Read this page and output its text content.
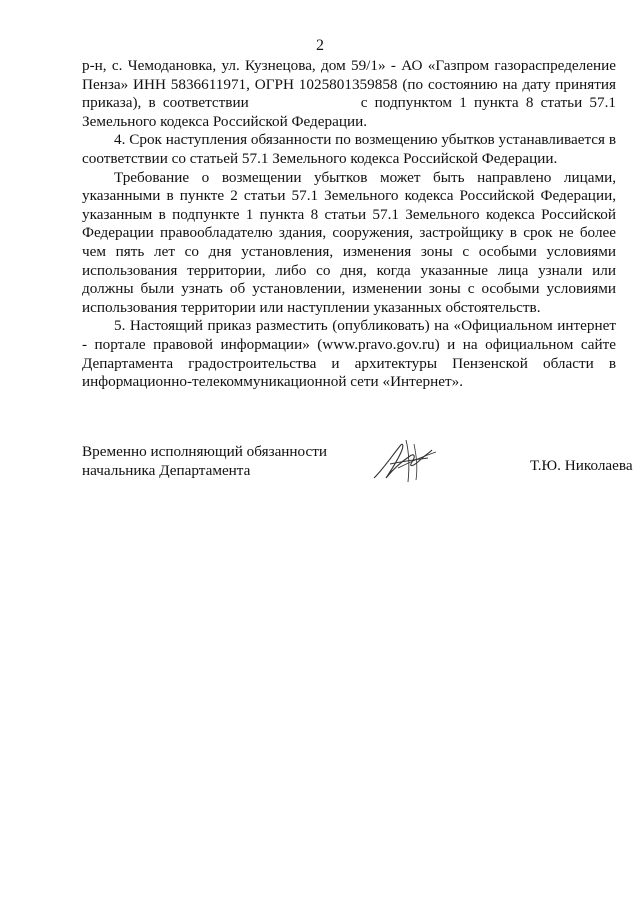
2

р-н, с. Чемодановка, ул. Кузнецова, дом 59/1» - АО «Газпром газораспределение Пенза» ИНН 5836611971, ОГРН 1025801359858 (по состоянию на дату принятия приказа), в соответствии	с подпунктом 1 пункта 8 статьи 57.1 Земельного кодекса Российской Федерации.

4. Срок наступления обязанности по возмещению убытков устанавливается в соответствии со статьей 57.1 Земельного кодекса Российской Федерации.

Требование о возмещении убытков может быть направлено лицами, указанными в пункте 2 статьи 57.1 Земельного кодекса Российской Федерации, указанным в подпункте 1 пункта 8 статьи 57.1 Земельного кодекса Российской Федерации правообладателю здания, сооружения, застройщику в срок не более чем пять лет со дня установления, изменения зоны с особыми условиями использования территории, либо со дня, когда указанные лица узнали или должны были узнать об установлении, изменении зоны с особыми условиями использования территории или наступлении указанных обстоятельств.

5. Настоящий приказ разместить (опубликовать) на «Официальном интернет - портале правовой информации» (www.pravo.gov.ru) и на официальном сайте Департамента градостроительства и архитектуры Пензенской области в информационно-телекоммуникационной сети «Интернет».

Временно исполняющий обязанности
начальника Департамента	Т.Ю. Николаева
